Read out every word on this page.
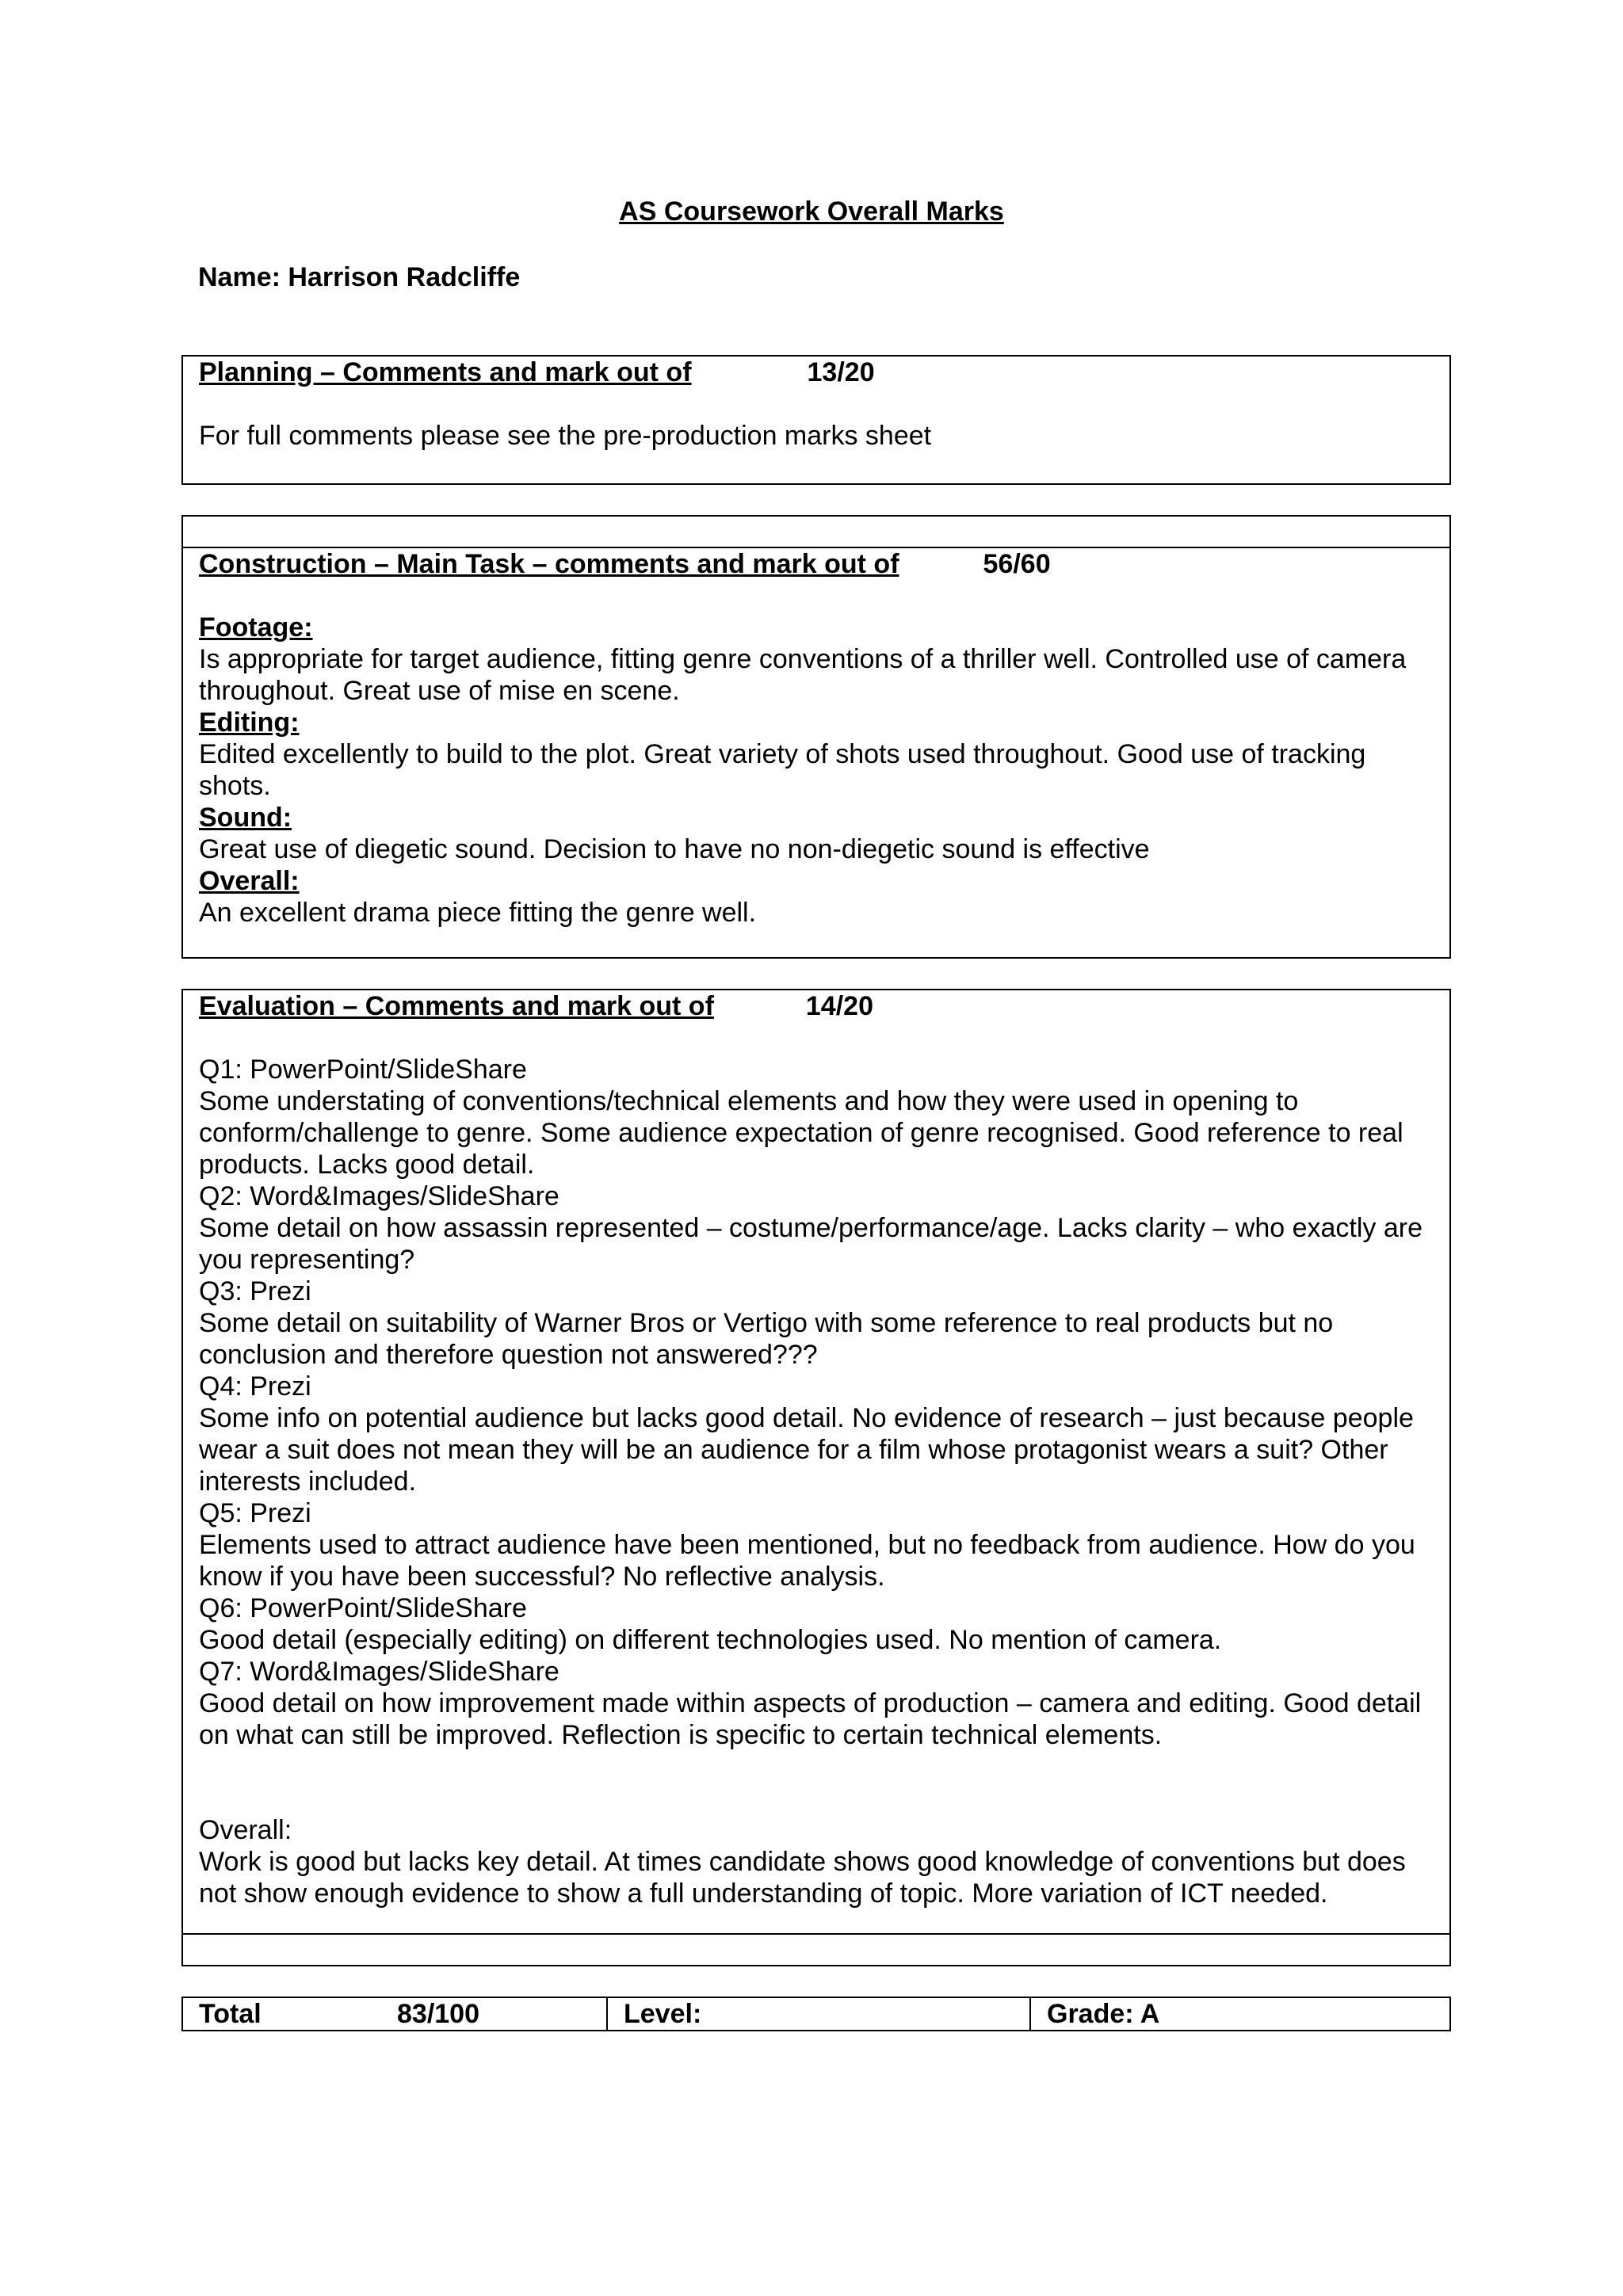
AS Coursework Overall Marks
Name: Harrison Radcliffe
Planning – Comments and mark out of	13/20
For full comments please see the pre-production marks sheet
Construction – Main Task – comments and mark out of	56/60
Footage:
Is appropriate for target audience, fitting genre conventions of a thriller well. Controlled use of camera throughout. Great use of mise en scene.
Editing:
Edited excellently to build to the plot. Great variety of shots used throughout. Good use of tracking shots.
Sound:
Great use of diegetic sound. Decision to have no non-diegetic sound is effective
Overall:
An excellent drama piece fitting the genre well.
Evaluation – Comments and mark out of	14/20
Q1: PowerPoint/SlideShare
Some understating of conventions/technical elements and how they were used in opening to conform/challenge to genre. Some audience expectation of genre recognised. Good reference to real products. Lacks good detail.
Q2: Word&Images/SlideShare
Some detail on how assassin represented – costume/performance/age. Lacks clarity – who exactly are you representing?
Q3: Prezi
Some detail on suitability of Warner Bros or Vertigo with some reference to real products but no conclusion and therefore question not answered???
Q4: Prezi
Some info on potential audience but lacks good detail. No evidence of research – just because people wear a suit does not mean they will be an audience for a film whose protagonist wears a suit? Other interests included.
Q5: Prezi
Elements used to attract audience have been mentioned, but no feedback from audience. How do you know if you have been successful? No reflective analysis.
Q6: PowerPoint/SlideShare
Good detail (especially editing) on different technologies used. No mention of camera.
Q7: Word&Images/SlideShare
Good detail on how improvement made within aspects of production – camera and editing. Good detail on what can still be improved. Reflection is specific to certain technical elements.
Overall:
Work is good but lacks key detail. At times candidate shows good knowledge of conventions but does not show enough evidence to show a full understanding of topic. More variation of ICT needed.
Total	83/100	Level:	Grade: A
